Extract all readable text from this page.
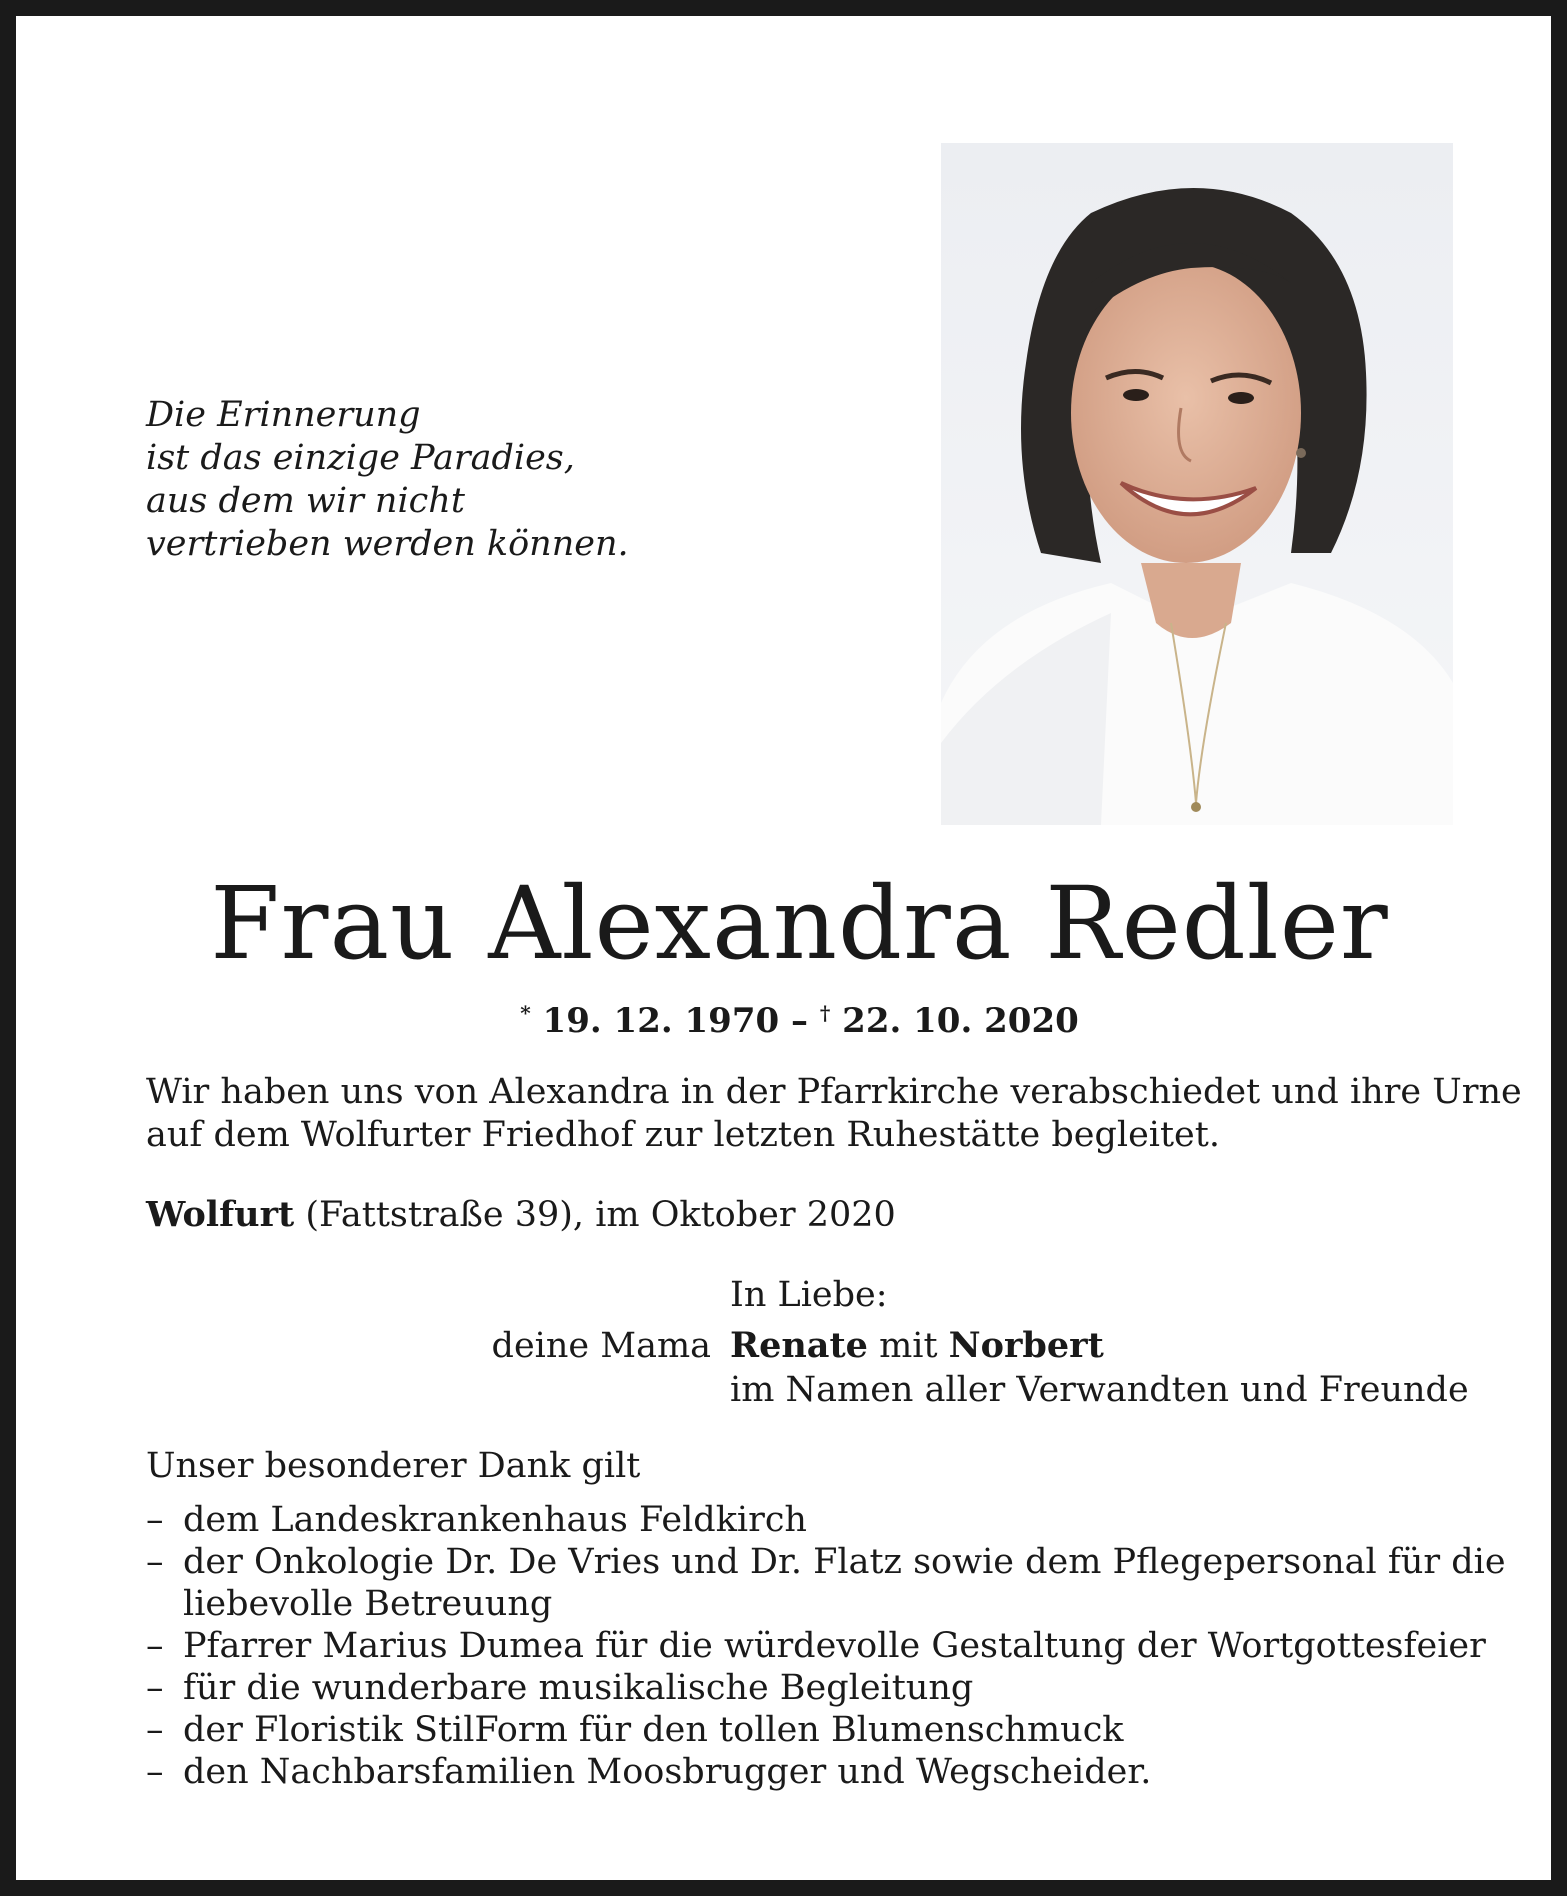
Die Erinnerung
ist das einzige Paradies,
aus dem wir nicht
vertrieben werden können.
Frau Alexandra Redler
* 19. 12. 1970 – † 22. 10. 2020
Wir haben uns von Alexandra in der Pfarrkirche verabschiedet und ihre Urne
auf dem Wolfurter Friedhof zur letzten Ruhestätte begleitet.
Wolfurt (Fattstraße 39), im Oktober 2020
In Liebe:
deine Mama Renate mit Norbert
im Namen aller Verwandten und Freunde
Unser besonderer Dank gilt
– dem Landeskrankenhaus Feldkirch
– der Onkologie Dr. De Vries und Dr. Flatz sowie dem Pflegepersonal für die
liebevolle Betreuung
– Pfarrer Marius Dumea für die würdevolle Gestaltung der Wortgottesfeier
– für die wunderbare musikalische Begleitung
– der Floristik StilForm für den tollen Blumenschmuck
– den Nachbarsfamilien Moosbrugger und Wegscheider.
